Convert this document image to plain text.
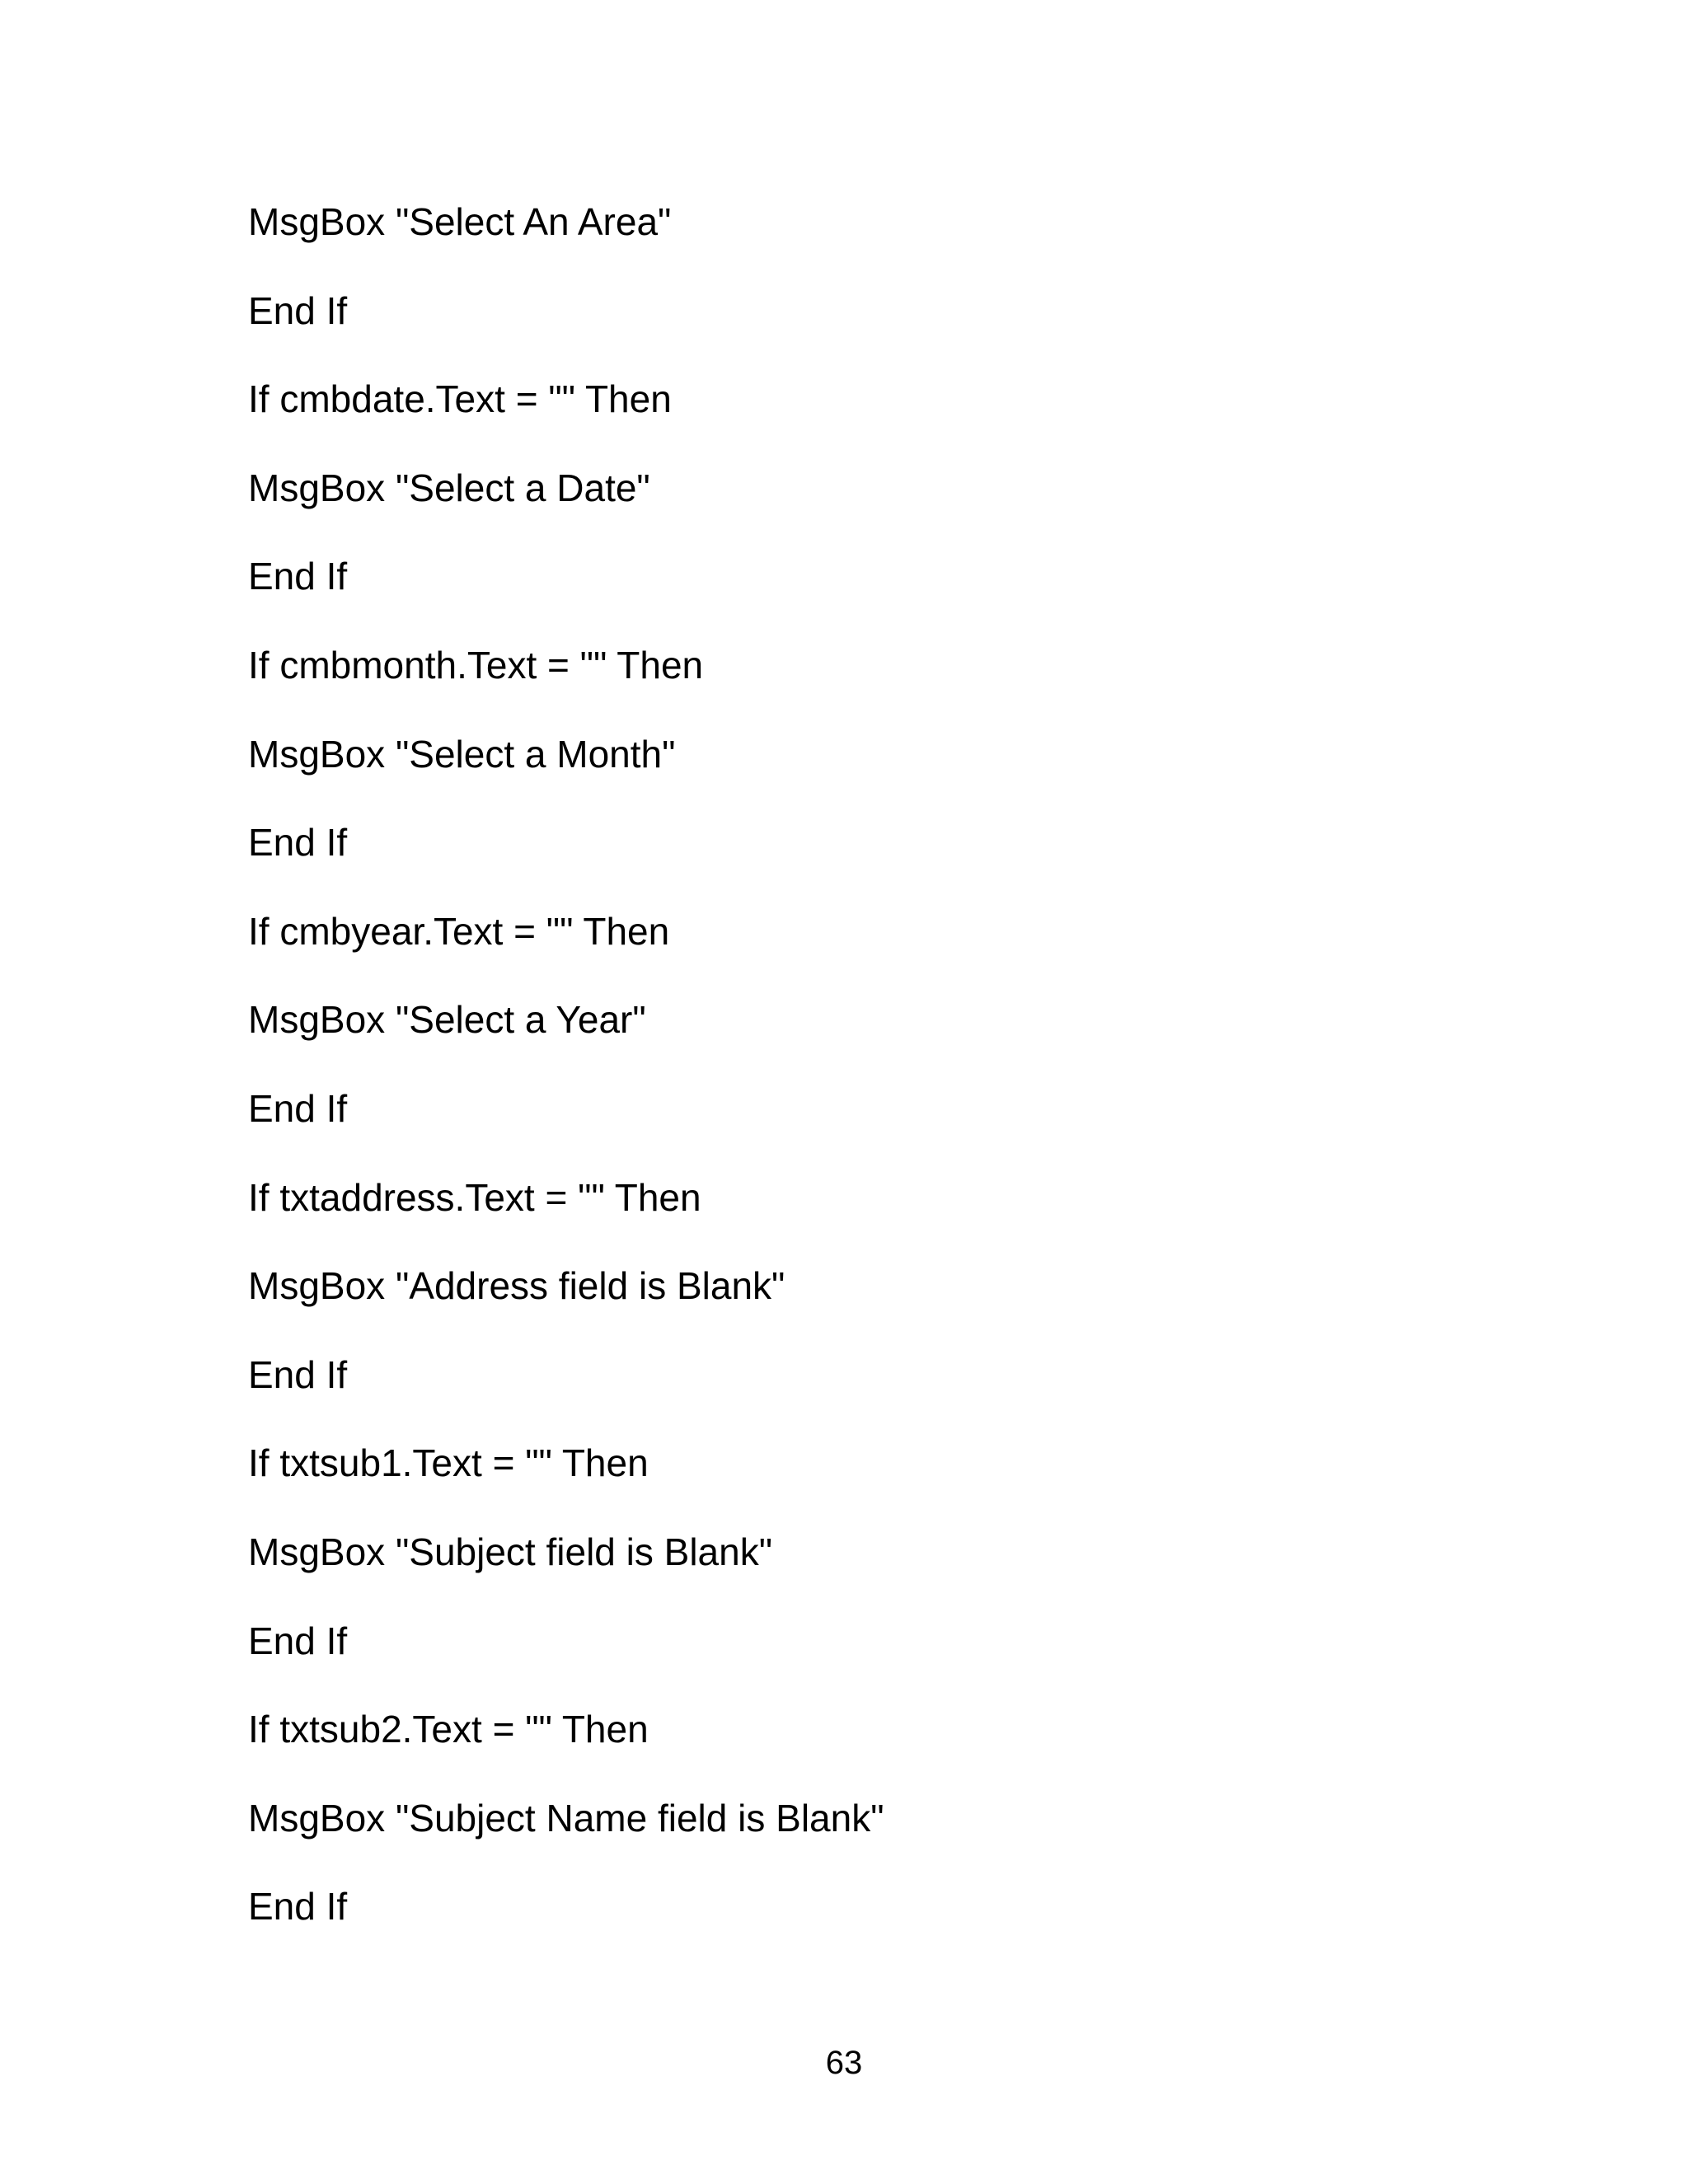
MsgBox "Select An Area"
End If
If cmbdate.Text = "" Then
MsgBox "Select a Date"
End If
If cmbmonth.Text = "" Then
MsgBox "Select a Month"
End If
If cmbyear.Text = "" Then
MsgBox "Select a Year"
End If
If txtaddress.Text = "" Then
MsgBox "Address field is Blank"
End If
If txtsub1.Text = "" Then
MsgBox "Subject field is Blank"
End If
If txtsub2.Text = "" Then
MsgBox "Subject Name field is Blank"
End If
63
